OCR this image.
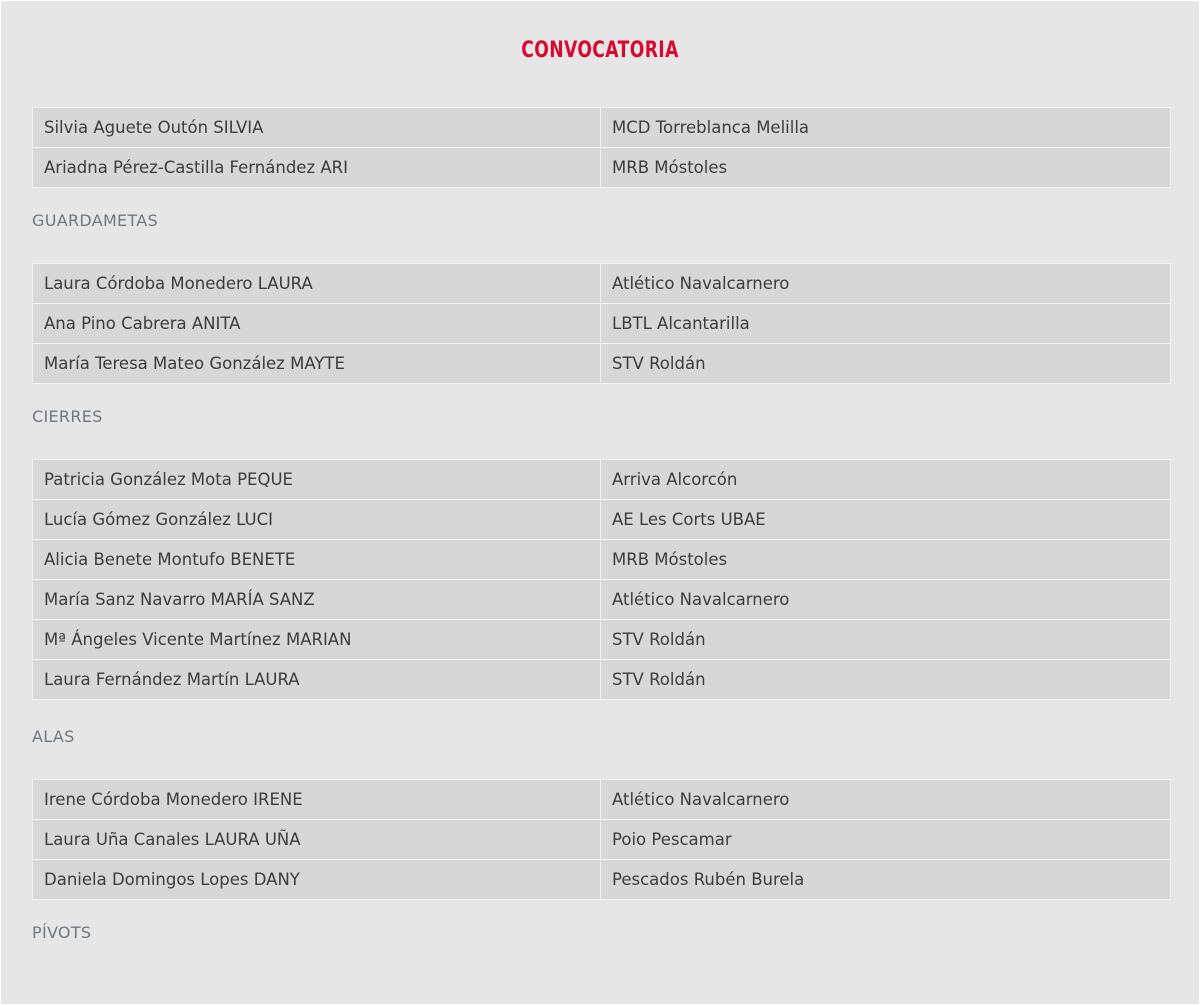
CONVOCATORIA
Silvia Aguete Outón SILVIA	MCD Torreblanca Melilla
Ariadna Pérez-Castilla Fernández ARI	MRB Móstoles
GUARDAMETAS
Laura Córdoba Monedero LAURA	Atlético Navalcarnero
Ana Pino Cabrera ANITA	LBTL Alcantarilla
María Teresa Mateo González MAYTE	STV Roldán
CIERRES
Patricia González Mota PEQUE	Arriva Alcorcón
Lucía Gómez González LUCI	AE Les Corts UBAE
Alicia Benete Montufo BENETE	MRB Móstoles
María Sanz Navarro MARÍA SANZ	Atlético Navalcarnero
Mª Ángeles Vicente Martínez MARIAN	STV Roldán
Laura Fernández Martín LAURA	STV Roldán
ALAS
Irene Córdoba Monedero IRENE	Atlético Navalcarnero
Laura Uña Canales LAURA UÑA	Poio Pescamar
Daniela Domingos Lopes DANY	Pescados Rubén Burela
PÍVOTS
